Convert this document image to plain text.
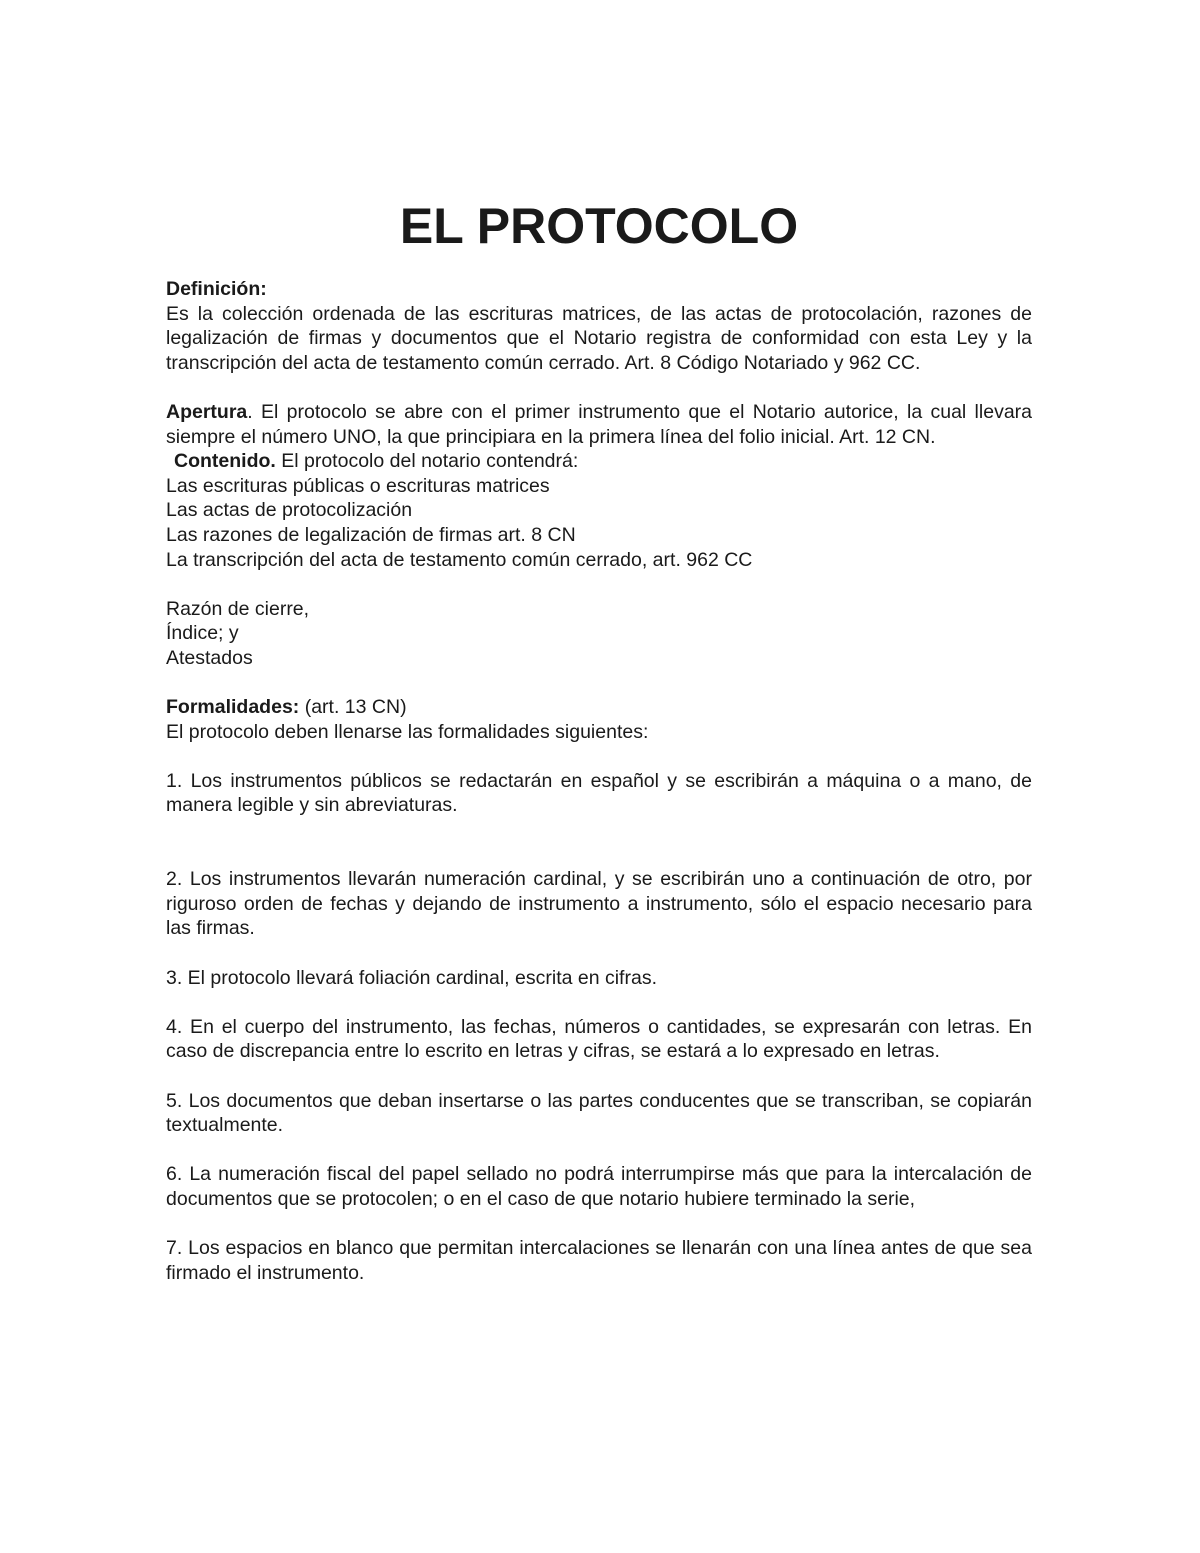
EL PROTOCOLO

Definición:

Es la colección ordenada de las escrituras matrices, de las actas de protocolación, razones de legalización de firmas y documentos que el Notario registra de conformidad con esta Ley y la transcripción del acta de testamento común cerrado. Art. 8 Código Notariado y 962 CC.

Apertura. El protocolo se abre con el primer instrumento que el Notario autorice, la cual llevara siempre el número UNO, la que principiara en la primera línea del folio inicial. Art. 12 CN.

Contenido. El protocolo del notario contendrá:

Las escrituras públicas o escrituras matrices

Las actas de protocolización

Las razones de legalización de firmas art. 8 CN

La transcripción del acta de testamento común cerrado, art. 962 CC

Razón de cierre,

Índice; y

Atestados

Formalidades: (art. 13 CN)

El protocolo deben llenarse las formalidades siguientes:

1. Los instrumentos públicos se redactarán en español y se escribirán a máquina o a mano, de manera legible y sin abreviaturas.

2. Los instrumentos llevarán numeración cardinal, y se escribirán uno a continuación de otro, por riguroso orden de fechas y dejando de instrumento a instrumento, sólo el espacio necesario para las firmas.

3. El protocolo llevará foliación cardinal, escrita en cifras.

4. En el cuerpo del instrumento, las fechas, números o cantidades, se expresarán con letras. En caso de discrepancia entre lo escrito en letras y cifras, se estará a lo expresado en letras.

5. Los documentos que deban insertarse o las partes conducentes que se transcriban, se copiarán textualmente.

6. La numeración fiscal del papel sellado no podrá interrumpirse más que para la intercalación de documentos que se protocolen; o en el caso de que notario hubiere terminado la serie,

7. Los espacios en blanco que permitan intercalaciones se llenarán con una línea antes de que sea firmado el instrumento.
